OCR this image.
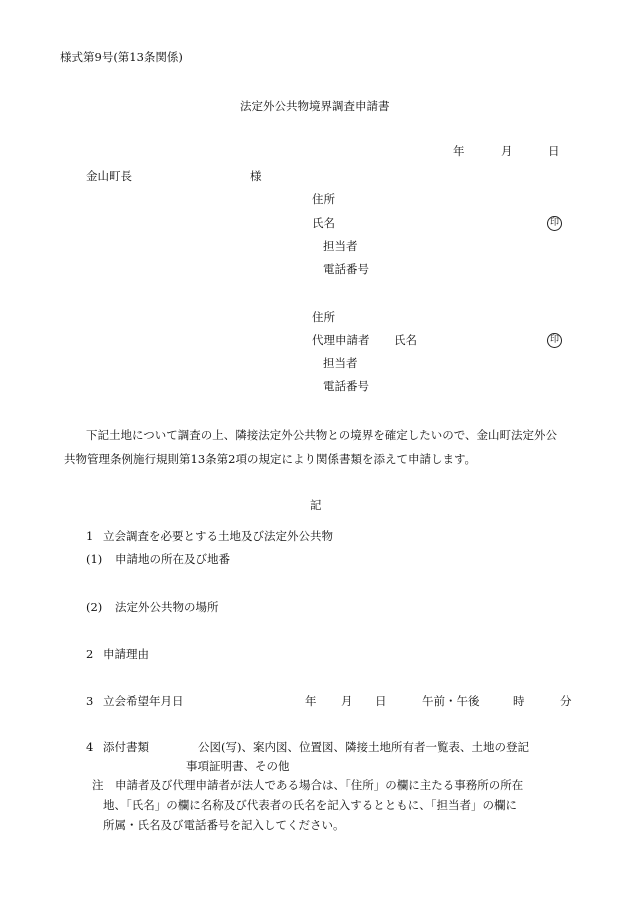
様式第9号(第13条関係)
法定外公共物境界調査申請書
年	月	日
金山町長	様
住所
氏名	印
担当者
電話番号
住所
代理申請者 氏名	印
担当者
電話番号
下記土地について調査の上、隣接法定外公共物との境界を確定したいので、金山町法定外公
共物管理条例施行規則第13条第2項の規定により関係書類を添えて申請します。
記
1 立会調査を必要とする土地及び法定外公共物
(1) 申請地の所在及び地番
(2) 法定外公共物の場所
2 申請理由
3 立会希望年月日	年 月 日	午前・午後	時	分
4 添付書類	公図(写)、案内図、位置図、隣接土地所有者一覧表、土地の登記
事項証明書、その他
注 申請者及び代理申請者が法人である場合は、「住所」の欄に主たる事務所の所在
地、「氏名」の欄に名称及び代表者の氏名を記入するとともに、「担当者」の欄に
所属・氏名及び電話番号を記入してください。
